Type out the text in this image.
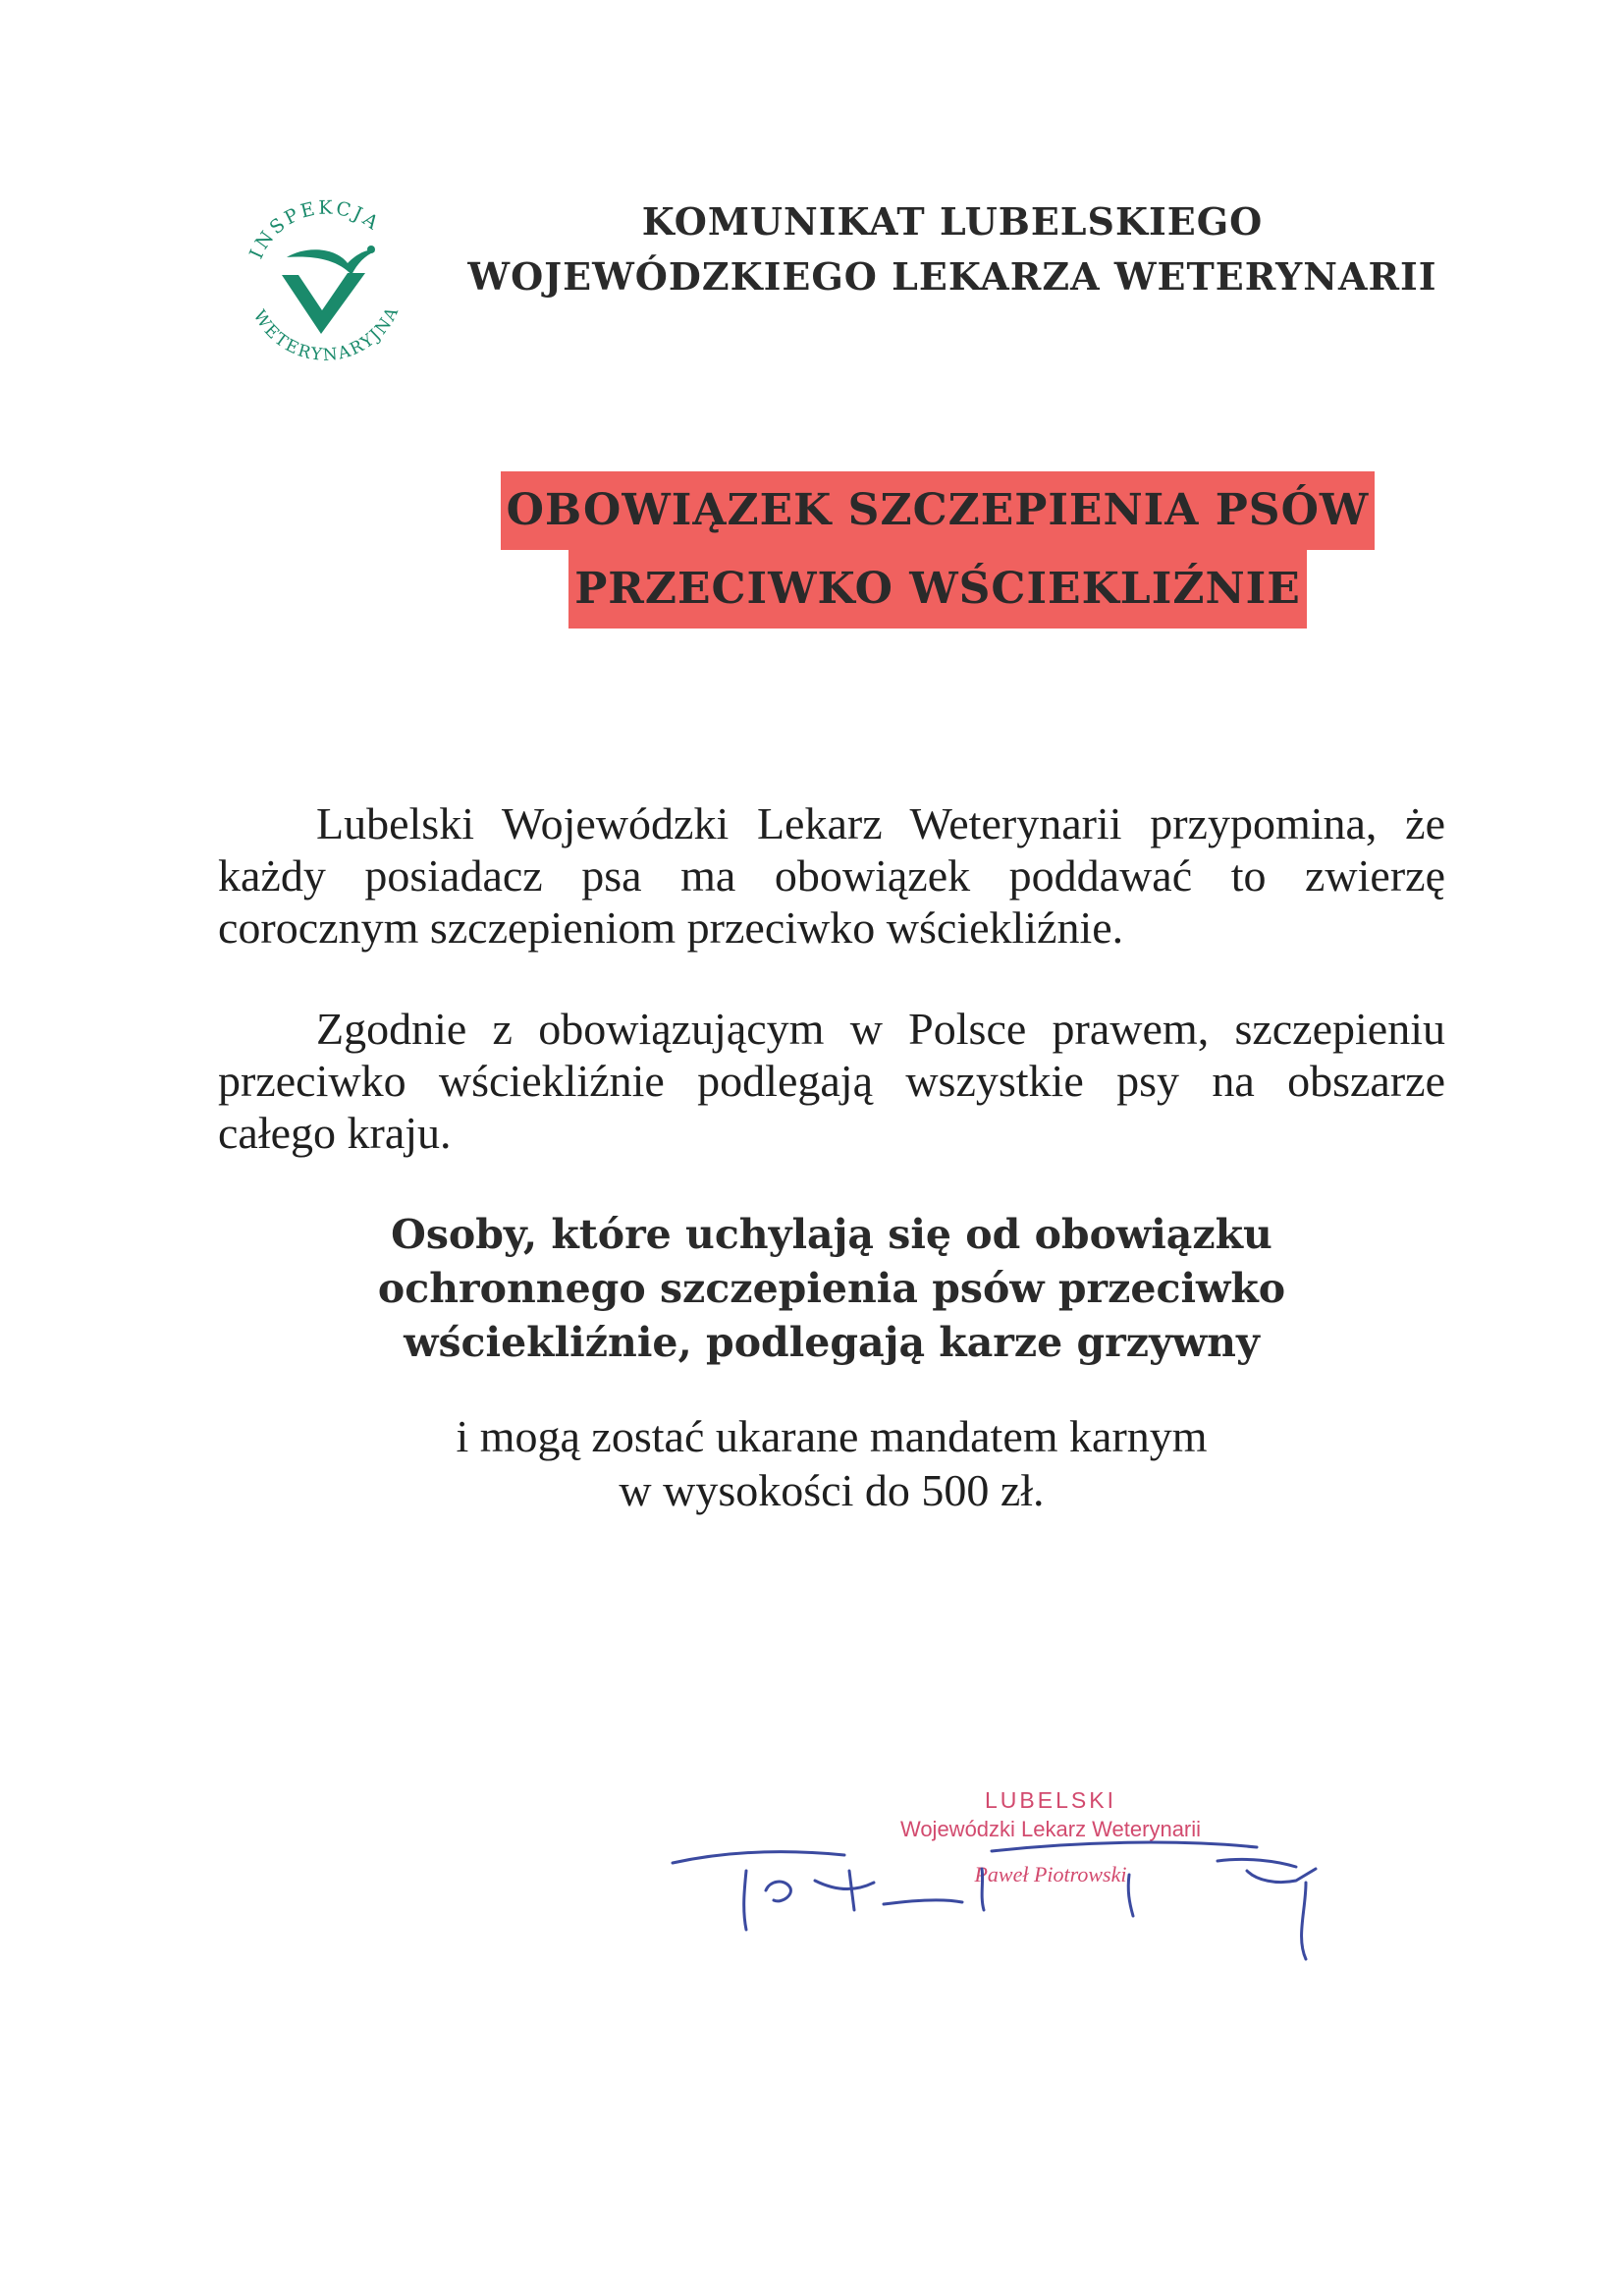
INSPEKCJA
WETERYNARYJNA
KOMUNIKAT LUBELSKIEGO
WOJEWÓDZKIEGO LEKARZA WETERYNARII
OBOWIĄZEK SZCZEPIENIA PSÓW
PRZECIWKO WŚCIEKLIŹNIE

Lubelski Wojewódzki Lekarz Weterynarii przypomina, że każdy posiadacz psa ma obowiązek poddawać to zwierzę corocznym szczepieniom przeciwko wściekliźnie.

Zgodnie z obowiązującym w Polsce prawem, szczepieniu przeciwko wściekliźnie podlegają wszystkie psy na obszarze całego kraju.

Osoby, które uchylają się od obowiązku ochronnego szczepienia psów przeciwko wściekliźnie, podlegają karze grzywny
i mogą zostać ukarane mandatem karnym
w wysokości do 500 zł.
LUBELSKI
Wojewódzki Lekarz Weterynarii
Paweł Piotrowski
